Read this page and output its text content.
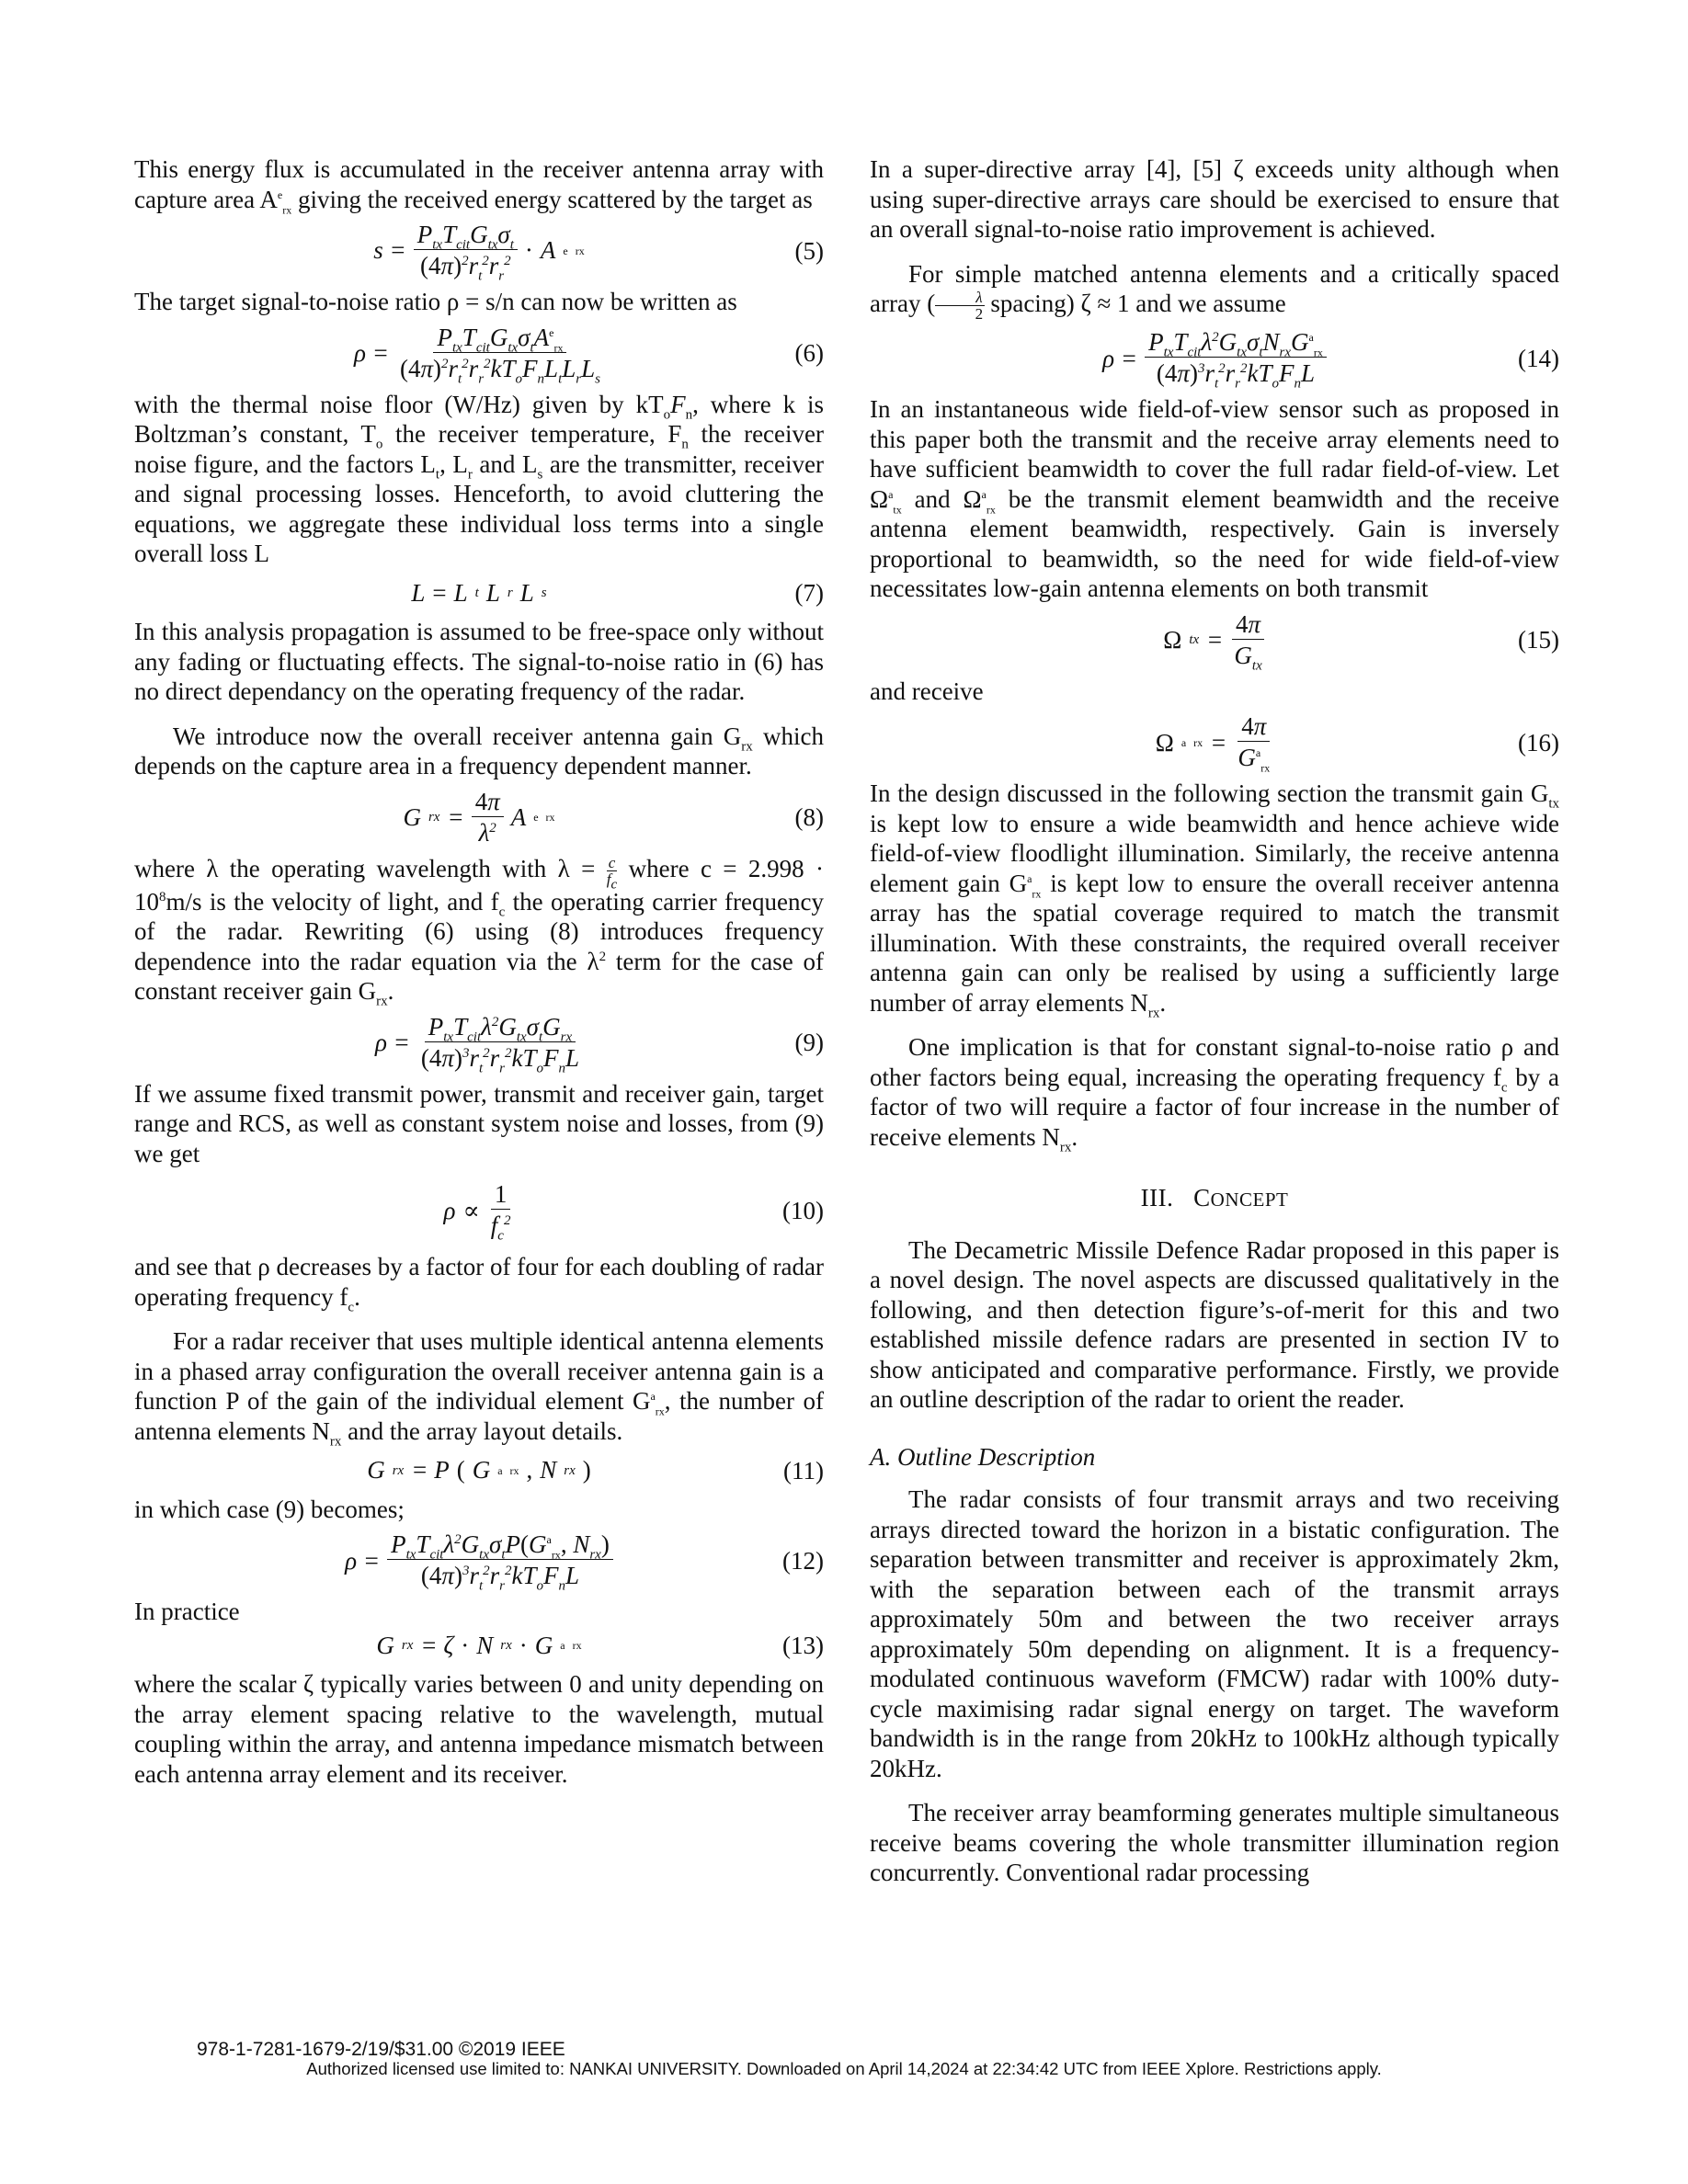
This energy flux is accumulated in the receiver antenna array with capture area $A^e_{rx}$ giving the received energy scattered by the target as

$s = \frac{P_{tx}T_{cit}G_{tx}\sigma_t}{(4\pi)^2r_t^2r_r^2} \cdot A$ e rx	(5)

The target signal-to-noise ratio ρ = s/n can now be written as

$\rho = \frac{P_{tx}T_{cit}G_{tx}\sigma_tA^e_{rx}}{(4\pi)^2r_t^2r_r^2kT_oF_nL_tL_rL_s}$	(6)

with the thermal noise floor (W/Hz) given by $kT_oF_n$, where k is Boltzman’s constant, $T_o$ the receiver temperature, $F_n$ the receiver noise figure, and the factors $L_t$, $L_r$ and $L_s$ are the transmitter, receiver and signal processing losses. Henceforth, to avoid cluttering the equations, we aggregate these individual loss terms into a single overall loss L

L = L t L r L s	(7)

In this analysis propagation is assumed to be free-space only without any fading or fluctuating effects. The signal-to-noise ratio in (6) has no direct dependancy on the operating frequency of the radar.

We introduce now the overall receiver antenna gain $G_{rx}$ which depends on the capture area in a frequency dependent manner.

G rx = $\frac{4\pi}{\lambda^2}$ A e rx	(8)

where λ the operating wavelength with $\lambda = \frac{c}{f_c}$ where $c = 2.998 \cdot 10^8m/s$ is the velocity of light, and $f_c$ the operating carrier frequency of the radar. Rewriting (6) using (8) introduces frequency dependence into the radar equation via the $\lambda^2$ term for the case of constant receiver gain $G_{rx}$.

$\rho = \frac{P_{tx}T_{cit}\lambda^2G_{tx}\sigma_tG_{rx}}{(4\pi)^3r_t^2r_r^2kT_oF_nL}$	(9)

If we assume fixed transmit power, transmit and receiver gain, target range and RCS, as well as constant system noise and losses, from (9) we get

$\rho \propto \frac{1}{f_c^2}$	(10)

and see that ρ decreases by a factor of four for each doubling of radar operating frequency $f_c$.

For a radar receiver that uses multiple identical antenna elements in a phased array configuration the overall receiver antenna gain is a function P of the gain of the individual element $G^a_{rx}$, the number of antenna elements $N_{rx}$ and the array layout details.

G rx = P ( G a rx , N rx )	(11)

in which case (9) becomes;

$\rho = \frac{P_{tx}T_{cit}\lambda^2G_{tx}\sigma_tP(G^a_{rx}, N_{rx})}{(4\pi)^3r_t^2r_r^2kT_oF_nL}$	(12)

In practice

G rx = ζ · N rx · G a rx	(13)

where the scalar ζ typically varies between 0 and unity depending on the array element spacing relative to the wavelength, mutual coupling within the array, and antenna impedance mismatch between each antenna array element and its receiver.

In a super-directive array [4], [5] ζ exceeds unity although when using super-directive arrays care should be exercised to ensure that an overall signal-to-noise ratio improvement is achieved.

For simple matched antenna elements and a critically spaced array ( $\frac{\lambda}{2}$ spacing) ζ ≈ 1 and we assume

$\rho = \frac{P_{tx}T_{cit}\lambda^2G_{tx}\sigma_tN_{rx}G^a_{rx}}{(4\pi)^3r_t^2r_r^2kT_oF_nL}$	(14)

In an instantaneous wide field-of-view sensor such as proposed in this paper both the transmit and the receive array elements need to have sufficient beamwidth to cover the full radar field-of-view. Let $\Omega^a_{tx}$ and $\Omega^a_{rx}$ be the transmit element beamwidth and the receive antenna element beamwidth, respectively. Gain is inversely proportional to beamwidth, so the need for wide field-of-view necessitates low-gain antenna elements on both transmit

Ω tx = $\frac{4\pi}{G_{tx}}$	(15)

and receive

Ω a rx = $\frac{4\pi}{G^a_{rx}}$	(16)

In the design discussed in the following section the transmit gain $G_{tx}$ is kept low to ensure a wide beamwidth and hence achieve wide field-of-view floodlight illumination. Similarly, the receive antenna element gain $G^a_{rx}$ is kept low to ensure the overall receiver antenna array has the spatial coverage required to match the transmit illumination. With these constraints, the required overall receiver antenna gain can only be realised by using a sufficiently large number of array elements $N_{rx}$.

One implication is that for constant signal-to-noise ratio ρ and other factors being equal, increasing the operating frequency $f_c$ by a factor of two will require a factor of four increase in the number of receive elements $N_{rx}$.

III. CONCEPT

The Decametric Missile Defence Radar proposed in this paper is a novel design. The novel aspects are discussed qualitatively in the following, and then detection figure’s-of-merit for this and two established missile defence radars are presented in section IV to show anticipated and comparative performance. Firstly, we provide an outline description of the radar to orient the reader.

A. Outline Description

The radar consists of four transmit arrays and two receiving arrays directed toward the horizon in a bistatic configuration. The separation between transmitter and receiver is approximately 2km, with the separation between each of the transmit arrays approximately 50m and between the two receiver arrays approximately 50m depending on alignment. It is a frequency-modulated continuous waveform (FMCW) radar with 100% duty-cycle maximising radar signal energy on target. The waveform bandwidth is in the range from 20kHz to 100kHz although typically 20kHz.

The receiver array beamforming generates multiple simultaneous receive beams covering the whole transmitter illumination region concurrently. Conventional radar processing

978-1-7281-1679-2/19/$31.00 ©2019 IEEE
Authorized licensed use limited to: NANKAI UNIVERSITY. Downloaded on April 14,2024 at 22:34:42 UTC from IEEE Xplore. Restrictions apply.
